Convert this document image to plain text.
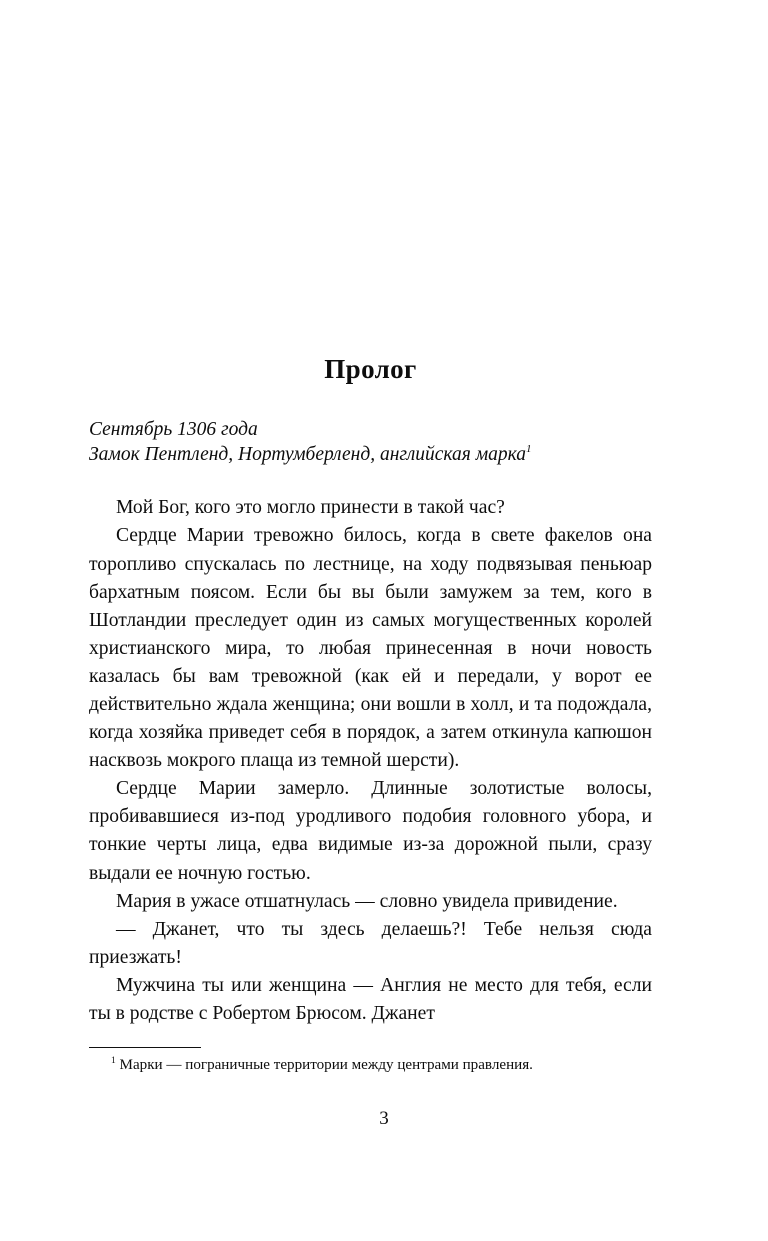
Пролог

Сентябрь 1306 года

Замок Пентленд, Нортумберленд, английская марка$^1$

Мой Бог, кого это могло принести в такой час?

Сердце Марии тревожно билось, когда в свете факелов она торопливо спускалась по лестнице, на ходу подвязывая пеньюар бархатным поясом. Если бы вы были замужем за тем, кого в Шотландии преследует один из самых могущественных королей христианского мира, то любая принесенная в ночи новость казалась бы вам тревожной (как ей и передали, у ворот ее действительно ждала женщина; они вошли в холл, и та подождала, когда хозяйка приведет себя в порядок, а затем откинула капюшон насквозь мокрого плаща из темной шерсти).

Сердце Марии замерло. Длинные золотистые волосы, пробивавшиеся из-под уродливого подобия головного убора, и тонкие черты лица, едва видимые из-за дорожной пыли, сразу выдали ее ночную гостью.

Мария в ужасе отшатнулась — словно увидела привидение.

— Джанет, что ты здесь делаешь?! Тебе нельзя сюда приезжать!

Мужчина ты или женщина — Англия не место для тебя, если ты в родстве с Робертом Брюсом. Джанет

$^1$ Марки — пограничные территории между центрами правления.

3
